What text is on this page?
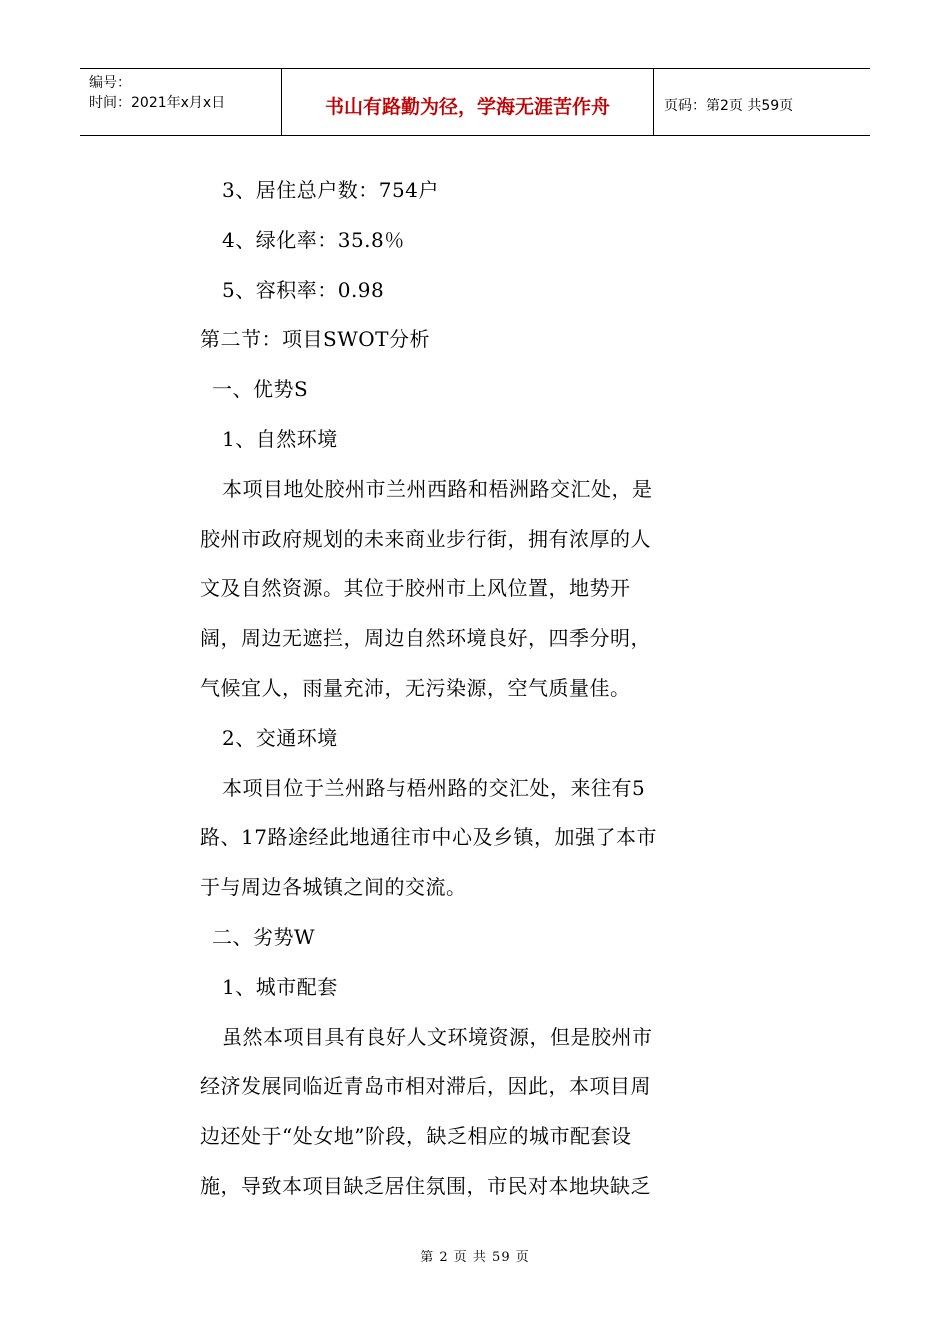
编号：
时间：2021年x月x日	书山有路勤为径，学海无涯苦作舟	页码：第2页 共59页
3、居住总户数：754户
4、绿化率：35.8％
5、容积率：0.98
第二节：项目SWOT分析
一、优势S
1、自然环境
本项目地处胶州市兰州西路和梧洲路交汇处，是
胶州市政府规划的未来商业步行街，拥有浓厚的人
文及自然资源。其位于胶州市上风位置，地势开
阔，周边无遮拦，周边自然环境良好，四季分明，
气候宜人，雨量充沛，无污染源，空气质量佳。
2、交通环境
本项目位于兰州路与梧州路的交汇处，来往有5
路、17路途经此地通往市中心及乡镇，加强了本市
于与周边各城镇之间的交流。
二、劣势W
1、城市配套
虽然本项目具有良好人文环境资源，但是胶州市
经济发展同临近青岛市相对滞后，因此，本项目周
边还处于“处女地”阶段，缺乏相应的城市配套设
施，导致本项目缺乏居住氛围，市民对本地块缺乏
第 2 页 共 59 页
